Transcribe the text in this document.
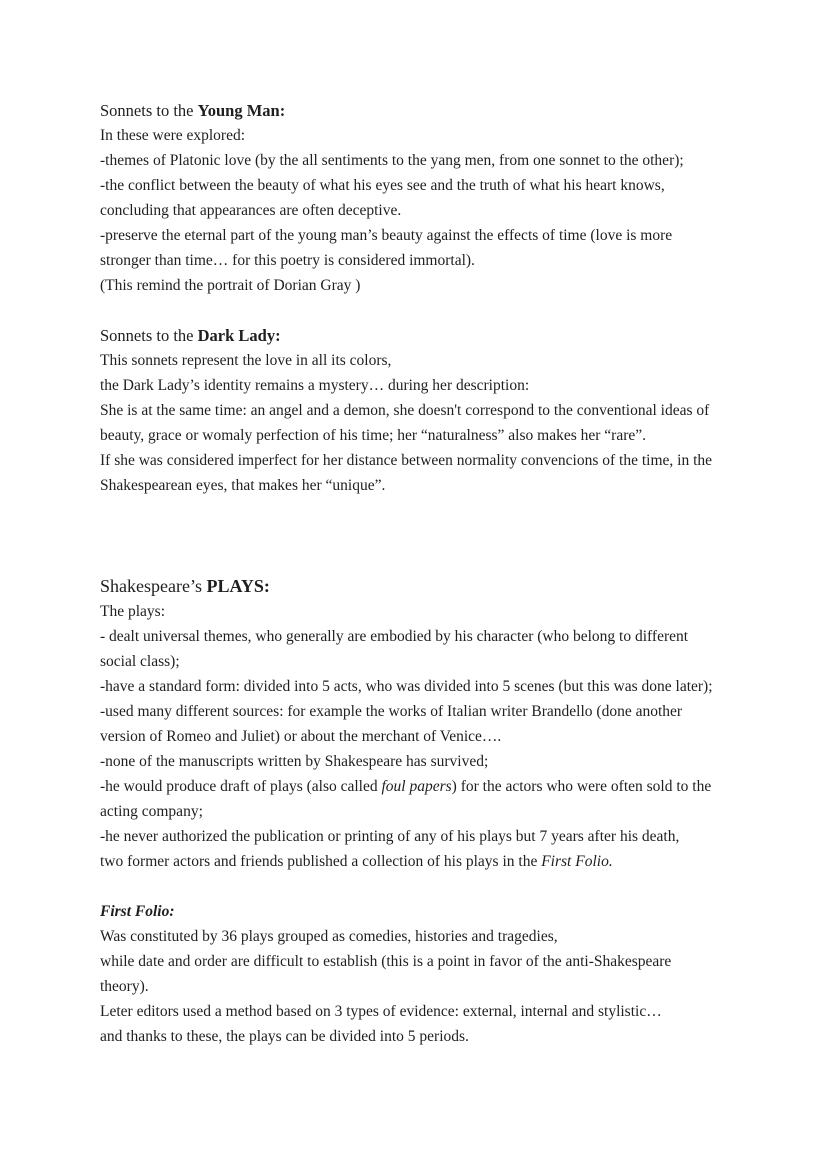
Sonnets to the Young Man:
In these were explored:
-themes of Platonic love (by the all sentiments to the yang men, from one sonnet to the other);
-the conflict between the beauty of what his eyes see and the truth of what his heart knows,
concluding that appearances are often deceptive.
-preserve the eternal part of the young man’s beauty against the effects of time (love is more
stronger than time… for this poetry is considered immortal).
(This remind the portrait of Dorian Gray )
Sonnets to the Dark Lady:
This sonnets represent the love in all its colors,
the Dark Lady’s identity remains a mystery… during her description:
She is at the same time: an angel and a demon, she doesn't correspond to the conventional ideas of
beauty, grace or womaly perfection of his time; her “naturalness” also makes her “rare”.
If she was considered imperfect for her distance between normality convencions of the time, in the
Shakespearean eyes, that makes her “unique”.
Shakespeare’s PLAYS:
The plays:
- dealt universal themes, who generally are embodied by his character (who belong to different
social class);
-have a standard form: divided into 5 acts, who was divided into 5 scenes (but this was done later);
-used many different sources: for example the works of Italian writer Brandello (done another
version of Romeo and Juliet) or about the merchant of Venice….
-none of the manuscripts written by Shakespeare has survived;
-he would produce draft of plays (also called foul papers) for the actors who were often sold to the
acting company;
-he never authorized the publication or printing of any of his plays but 7 years after his death,
two former actors and friends published a collection of his plays in the First Folio.
First Folio:
Was constituted by 36 plays grouped as comedies, histories and tragedies,
while date and order are difficult to establish (this is a point in favor of the anti-Shakespeare
theory).
Leter editors used a method based on 3 types of evidence: external, internal and stylistic…
and thanks to these, the plays can be divided into 5 periods.
